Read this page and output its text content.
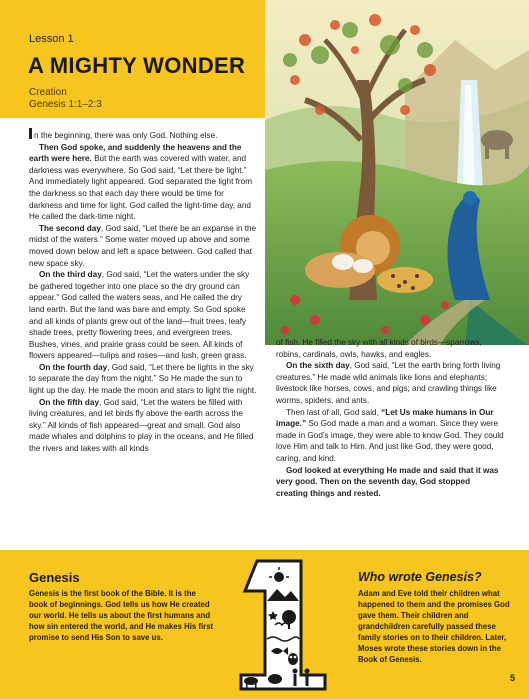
Lesson 1
A MIGHTY WONDER
Creation
Genesis 1:1–2:3

n the beginning, there was only God. Nothing else.

Then God spoke, and suddenly the heavens and the earth were here. But the earth was covered with water, and darkness was everywhere. So God said, “Let there be light.” And immediately light appeared. God separated the light from the darkness so that each day there would be time for darkness and time for light. God called the light-time day, and He called the dark-time night.

The second day, God said, “Let there be an expanse in the midst of the waters.” Some water moved up above and some moved down below and left a space between. God called that new space sky.

On the third day, God said, “Let the waters under the sky be gathered together into one place so the dry ground can appear.” God called the waters seas, and He called the dry land earth. But the land was bare and empty. So God spoke and all kinds of plants grew out of the land—fruit trees, leafy shade trees, pretty flowering trees, and evergreen trees. Bushes, vines, and prairie grass could be seen. All kinds of flowers appeared—tulips and roses—and lush, green grass.

On the fourth day, God said, “Let there be lights in the sky to separate the day from the night.” So He made the sun to light up the day. He made the moon and stars to light the night.

On the fifth day, God said, “Let the waters be filled with living creatures, and let birds fly above the earth across the sky.” All kinds of fish appeared—great and small. God also made whales and dolphins to play in the oceans, and He filled the rivers and lakes with all kinds

of fish. He filled the sky with all kinds of birds—sparrows, robins, cardinals, owls, hawks, and eagles.

On the sixth day, God said, “Let the earth bring forth living creatures.” He made wild animals like lions and elephants; livestock like horses, cows, and pigs; and crawling things like worms, spiders, and ants.

Then last of all, God said, “Let Us make humans in Our image.” So God made a man and a woman. Since they were made in God’s image, they were able to know God. They could love Him and talk to Him. And just like God, they were good, caring, and kind.

God looked at everything He made and said that it was very good. Then on the seventh day, God stopped creating things and rested.

Genesis
Genesis is the first book of the Bible. It is the book of beginnings. God tells us how He created our world. He tells us about the first humans and how sin entered the world, and He makes His first promise to send His Son to save us.
Who wrote Genesis?
Adam and Eve told their children what happened to them and the promises God gave them. Their children and grandchildren carefully passed these family stories on to their children. Later, Moses wrote these stories down in the Book of Genesis.
5
